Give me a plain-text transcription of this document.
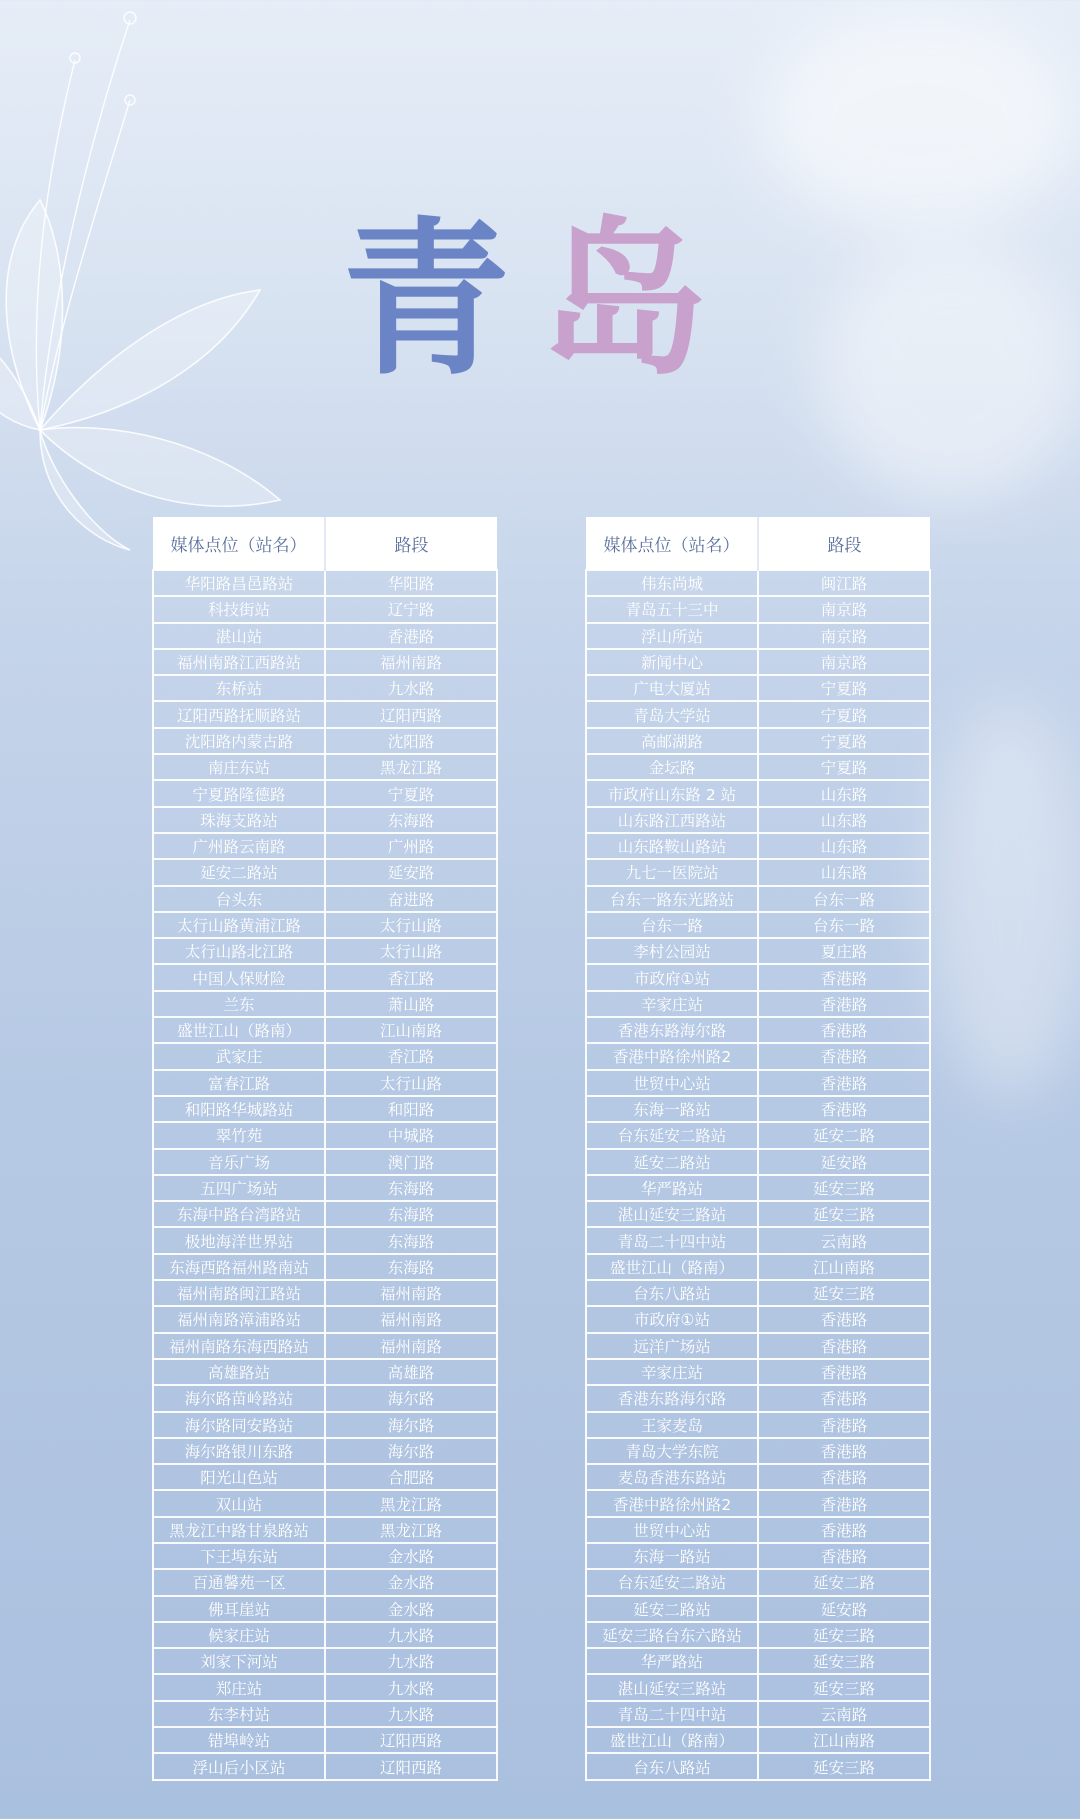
青岛
媒体点位（站名）	路段
华阳路昌邑路站	华阳路
科技街站	辽宁路
湛山站	香港路
福州南路江西路站	福州南路
东桥站	九水路
辽阳西路抚顺路站	辽阳西路
沈阳路内蒙古路	沈阳路
南庄东站	黑龙江路
宁夏路隆德路	宁夏路
珠海支路站	东海路
广州路云南路	广州路
延安二路站	延安路
台头东	奋进路
太行山路黄浦江路	太行山路
太行山路北江路	太行山路
中国人保财险	香江路
兰东	萧山路
盛世江山（路南）	江山南路
武家庄	香江路
富春江路	太行山路
和阳路华城路站	和阳路
翠竹苑	中城路
音乐广场	澳门路
五四广场站	东海路
东海中路台湾路站	东海路
极地海洋世界站	东海路
东海西路福州路南站	东海路
福州南路闽江路站	福州南路
福州南路漳浦路站	福州南路
福州南路东海西路站	福州南路
高雄路站	高雄路
海尔路苗岭路站	海尔路
海尔路同安路站	海尔路
海尔路银川东路	海尔路
阳光山色站	合肥路
双山站	黑龙江路
黑龙江中路甘泉路站	黑龙江路
下王埠东站	金水路
百通馨苑一区	金水路
佛耳崖站	金水路
候家庄站	九水路
刘家下河站	九水路
郑庄站	九水路
东李村站	九水路
错埠岭站	辽阳西路
浮山后小区站	辽阳西路
媒体点位（站名）	路段
伟东尚城	闽江路
青岛五十三中	南京路
浮山所站	南京路
新闻中心	南京路
广电大厦站	宁夏路
青岛大学站	宁夏路
高邮湖路	宁夏路
金坛路	宁夏路
市政府山东路 2 站	山东路
山东路江西路站	山东路
山东路鞍山路站	山东路
九七一医院站	山东路
台东一路东光路站	台东一路
台东一路	台东一路
李村公园站	夏庄路
市政府①站	香港路
辛家庄站	香港路
香港东路海尔路	香港路
香港中路徐州路2	香港路
世贸中心站	香港路
东海一路站	香港路
台东延安二路站	延安二路
延安二路站	延安路
华严路站	延安三路
湛山延安三路站	延安三路
青岛二十四中站	云南路
盛世江山（路南）	江山南路
台东八路站	延安三路
市政府①站	香港路
远洋广场站	香港路
辛家庄站	香港路
香港东路海尔路	香港路
王家麦岛	香港路
青岛大学东院	香港路
麦岛香港东路站	香港路
香港中路徐州路2	香港路
世贸中心站	香港路
东海一路站	香港路
台东延安二路站	延安二路
延安二路站	延安路
延安三路台东六路站	延安三路
华严路站	延安三路
湛山延安三路站	延安三路
青岛二十四中站	云南路
盛世江山（路南）	江山南路
台东八路站	延安三路
